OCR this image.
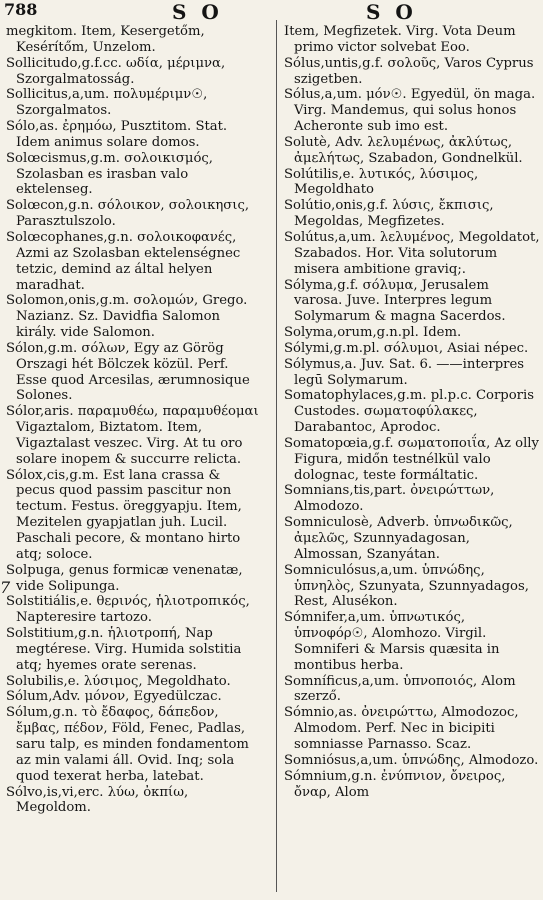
788	S O	S O
7

megkitom. Item, Kesergetőm, Kesérítőm, Unzelom.

Sollicitudo,g.f.cc. ωδία, μέριμνα, Szorgalmatosság.

Sollicitus,a,um. πολυμέριμν☉, Szorgalmatos.

Sólo,as. ἐρημόω, Pusztitom. Stat. Idem animus solare domos.

Solœcismus,g.m. σολοικισμός, Szolasban es irasban valo ektelenseg.

Solœcon,g.n. σόλοικον, σολοικησις, Parasztulszolo.

Solœcophanes,g.n. σολοικοφανές, Azmi az Szolasban ektelenségnec tetzic, demind az által helyen maradhat.

Solomon,onis,g.m. σολομών, Grego. Nazianz. Sz. Davidfia Salomon király. vide Salomon.

Sólon,g.m. σόλων, Egy az Görög Orszagi hét Bölczek közül. Perf. Esse quod Arcesilas, ærumnosique Solones.

Sólor,aris. παραμυθέω, παραμυθέομαι Vigaztalom, Biztatom. Item, Vigaztalast veszec. Virg. At tu oro solare inopem & succurre relicta.

Sólox,cis,g.m. Est lana crassa & pecus quod passim pascitur non tectum. Festus. öreggyapju. Item, Mezitelen gyapjatlan juh. Lucil. Paschali pecore, & montano hirto atq; soloce.

Solpuga, genus formicæ venenatæ, vide Solipunga.

Solstitiális,e. θερινός, ἡλιοτροπικός, Napteresire tartozo.

Solstitium,g.n. ἡλιοτροπή, Nap megtérese. Virg. Humida solstitia atq; hyemes orate serenas.

Solubilis,e. λύσιμος, Megoldhato.

Sólum,Adv. μόνον, Egyedülczac.

Sólum,g.n. τὸ ἔδαφος, δάπεδον, ἔμβας, πέδον, Föld, Fenec, Padlas, saru talp, es minden fondamentom az min valami áll. Ovid. Inq; sola quod texerat herba, latebat.

Sólvo,is,vi,erc. λύω, ὀκπίω, Megoldom.

Item, Megfizetek. Virg. Vota Deum primo victor solvebat Eoo.

Sólus,untis,g.f. σολοῦς, Varos Cyprus szigetben.

Sólus,a,um. μόν☉. Egyedül, ön maga. Virg. Mandemus, qui solus honos Acheronte sub imo est.

Solutè, Adv. λελυμένως, ἀκλύτως, ἀμελήτως, Szabadon, Gondnelkül.

Solútilis,e. λυτικός, λύσιμος, Megoldhato

Solútio,onis,g.f. λύσις, ἔκπισις, Megoldas, Megfizetes.

Solútus,a,um. λελυμένος, Megoldatot, Szabados. Hor. Vita solutorum misera ambitione graviq;.

Sólyma,g.f. σόλυμα, Jerusalem varosa. Juve. Interpres legum Solymarum & magna Sacerdos.

Solyma,orum,g.n.pl. Idem.

Sólymi,g.m.pl. σόλυμοι, Asiai népec.

Sólymus,a. Juv. Sat. 6. ——interpres legū Solymarum.

Somatophylaces,g.m. pl.p.c. Corporis Custodes. σωματοφύλακες, Darabantoc, Aprodoc.

Somatopœia,g.f. σωματοποιΐα, Az olly Figura, midőn testnélkül valo dolognac, teste formáltatic.

Somnians,tis,part. ὀνειρώττων, Almodozo.

Somniculosè, Adverb. ὑπνωδικῶς, ἀμελῶς, Szunnyadagosan, Almossan, Szanyátan.

Somniculósus,a,um. ὑπνώδης, ὑπνηλὸς, Szunyata, Szunnyadagos, Rest, Alusékon.

Sómnifer,a,um. ὑπνωτικός, ὑπνοφόρ☉, Alomhozo. Virgil. Somniferi & Marsis quæsita in montibus herba.

Somníficus,a,um. ὑπνοποιός, Alom szerző.

Sómnio,as. ὀνειρώττω, Almodozoc, Almodom. Perf. Nec in bicipiti somniasse Parnasso. Scaz.

Somniósus,a,um. ὑπνώδης, Almodozo.

Sómnium,g.n. ἐνύπνιον, ὄνειρος, ὄναρ, Alom
